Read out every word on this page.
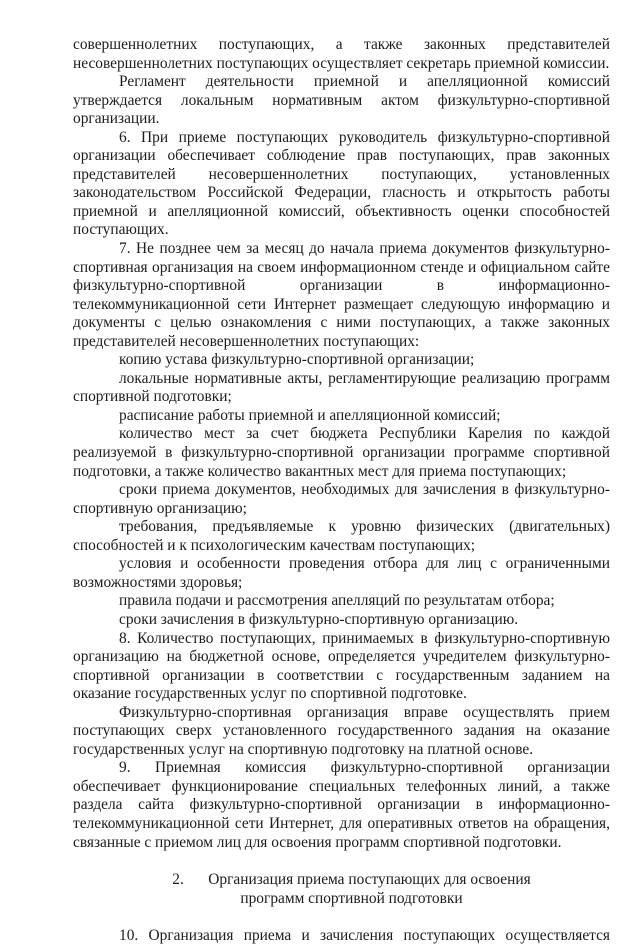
совершеннолетних поступающих, а также законных представителей несовершеннолетних поступающих осуществляет секретарь приемной комиссии.

Регламент деятельности приемной и апелляционной комиссий утверждается локальным нормативным актом физкультурно-спортивной организации.

6. При приеме поступающих руководитель физкультурно-спортивной организации обеспечивает соблюдение прав поступающих, прав законных представителей несовершеннолетних поступающих, установленных законодательством Российской Федерации, гласность и открытость работы приемной и апелляционной комиссий, объективность оценки способностей поступающих.

7. Не позднее чем за месяц до начала приема документов физкультурно-спортивная организация на своем информационном стенде и официальном сайте физкультурно-спортивной организации в информационно-телекоммуникационной сети Интернет размещает следующую информацию и документы с целью ознакомления с ними поступающих, а также законных представителей несовершеннолетних поступающих:

копию устава физкультурно-спортивной организации;

локальные нормативные акты, регламентирующие реализацию программ спортивной подготовки;

расписание работы приемной и апелляционной комиссий;

количество мест за счет бюджета Республики Карелия по каждой реализуемой в физкультурно-спортивной организации программе спортивной подготовки, а также количество вакантных мест для приема поступающих;

сроки приема документов, необходимых для зачисления в физкультурно-спортивную организацию;

требования, предъявляемые к уровню физических (двигательных) способностей и к психологическим качествам поступающих;

условия и особенности проведения отбора для лиц с ограниченными возможностями здоровья;

правила подачи и рассмотрения апелляций по результатам отбора;

сроки зачисления в физкультурно-спортивную организацию.

8. Количество поступающих, принимаемых в физкультурно-спортивную организацию на бюджетной основе, определяется учредителем физкультурно-спортивной организации в соответствии с государственным заданием на оказание государственных услуг по спортивной подготовке.

Физкультурно-спортивная организация вправе осуществлять прием поступающих сверх установленного государственного задания на оказание государственных услуг на спортивную подготовку на платной основе.

9. Приемная комиссия физкультурно-спортивной организации обеспечивает функционирование специальных телефонных линий, а также раздела сайта физкультурно-спортивной организации в информационно-телекоммуникационной сети Интернет, для оперативных ответов на обращения, связанные с приемом лиц для освоения программ спортивной подготовки.

2. Организация приема поступающих для освоения

программ спортивной подготовки

10. Организация приема и зачисления поступающих осуществляется
